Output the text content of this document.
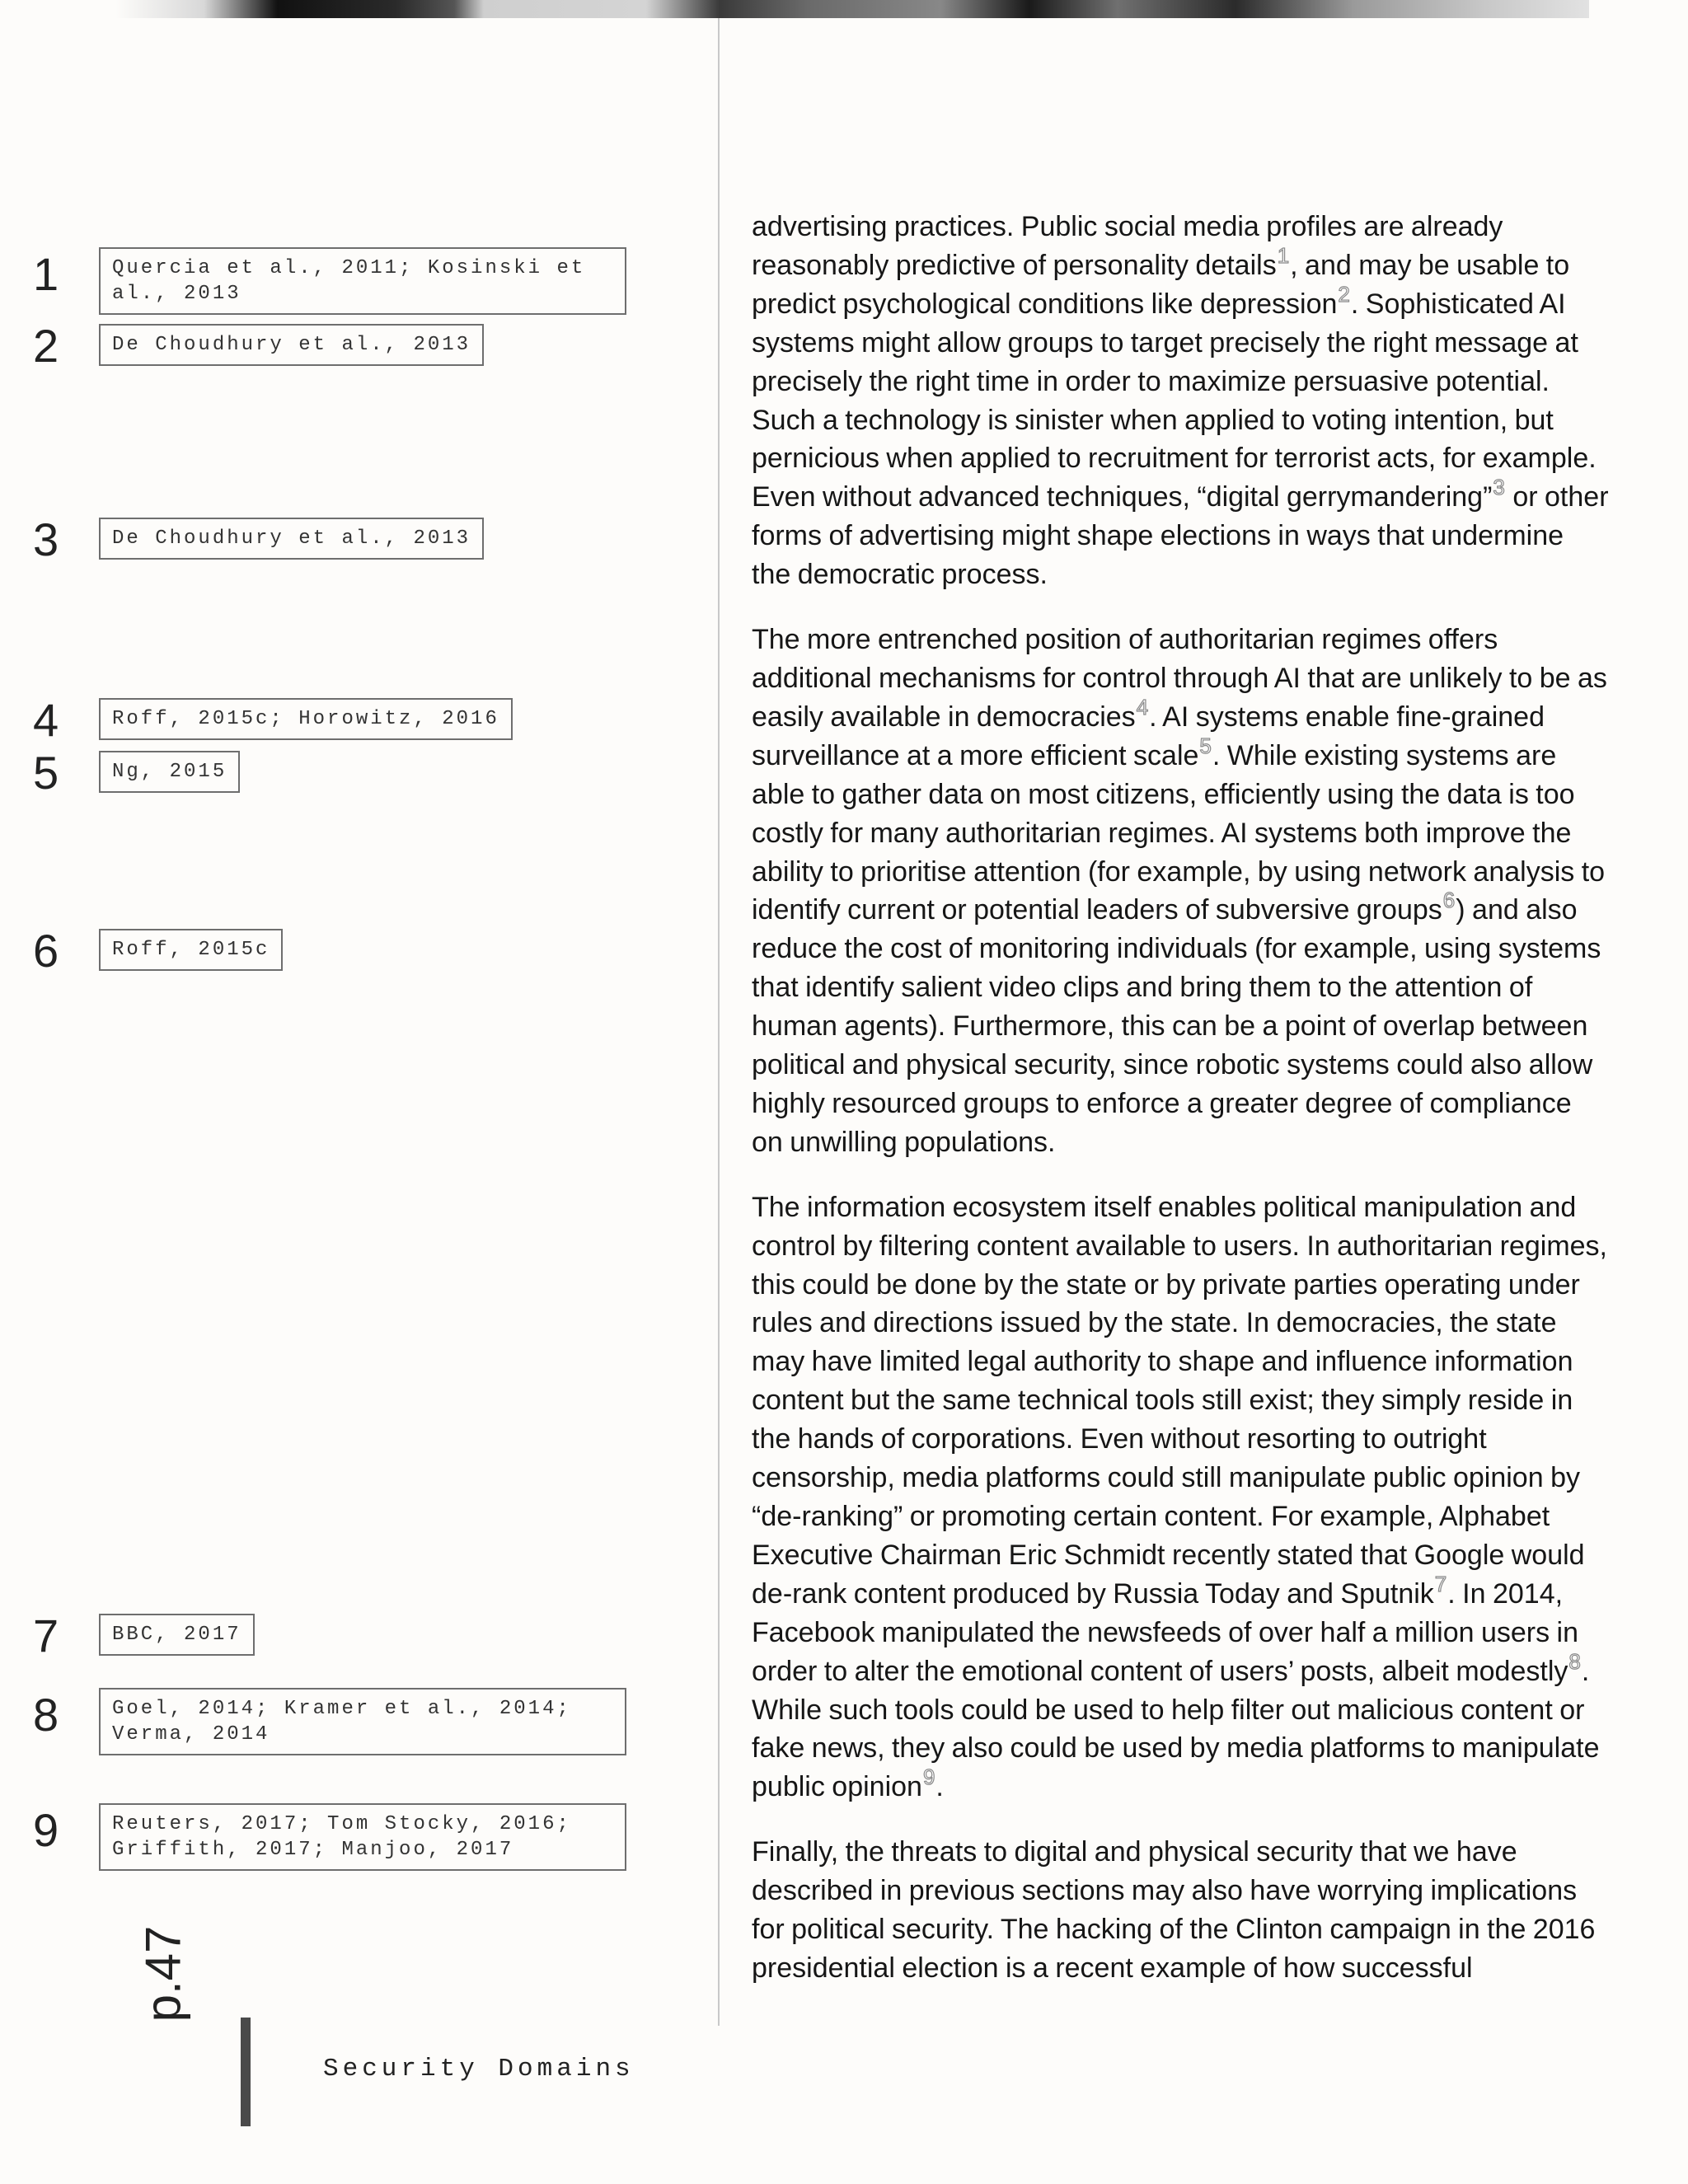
1	Quercia et al., 2011; Kosinski et al., 2013
2	De Choudhury et al., 2013
3	De Choudhury et al., 2013
4	Roff, 2015c; Horowitz, 2016
5	Ng, 2015
6	Roff, 2015c
7	BBC, 2017
8	Goel, 2014; Kramer et al., 2014; Verma, 2014
9	Reuters, 2017; Tom Stocky, 2016; Griffith, 2017; Manjoo, 2017
p.47
Security Domains

advertising practices. Public social media profiles are already reasonably predictive of personality details$^1$, and may be usable to predict psychological conditions like depression$^2$. Sophisticated AI systems might allow groups to target precisely the right message at precisely the right time in order to maximize persuasive potential. Such a technology is sinister when applied to voting intention, but pernicious when applied to recruitment for terrorist acts, for example. Even without advanced techniques, “digital gerrymandering”$^3$ or other forms of advertising might shape elections in ways that undermine the democratic process.

The more entrenched position of authoritarian regimes offers additional mechanisms for control through AI that are unlikely to be as easily available in democracies$^4$. AI systems enable fine-grained surveillance at a more efficient scale$^5$. While existing systems are able to gather data on most citizens, efficiently using the data is too costly for many authoritarian regimes. AI systems both improve the ability to prioritise attention (for example, by using network analysis to identify current or potential leaders of subversive groups$^6$) and also reduce the cost of monitoring individuals (for example, using systems that identify salient video clips and bring them to the attention of human agents). Furthermore, this can be a point of overlap between political and physical security, since robotic systems could also allow highly resourced groups to enforce a greater degree of compliance on unwilling populations.

The information ecosystem itself enables political manipulation and control by filtering content available to users. In authoritarian regimes, this could be done by the state or by private parties operating under rules and directions issued by the state. In democracies, the state may have limited legal authority to shape and influence information content but the same technical tools still exist; they simply reside in the hands of corporations. Even without resorting to outright censorship, media platforms could still manipulate public opinion by “de-ranking” or promoting certain content. For example, Alphabet Executive Chairman Eric Schmidt recently stated that Google would de-rank content produced by Russia Today and Sputnik$^7$. In 2014, Facebook manipulated the newsfeeds of over half a million users in order to alter the emotional content of users’ posts, albeit modestly$^8$. While such tools could be used to help filter out malicious content or fake news, they also could be used by media platforms to manipulate public opinion$^9$.

Finally, the threats to digital and physical security that we have described in previous sections may also have worrying implications for political security. The hacking of the Clinton campaign in the 2016 presidential election is a recent example of how successful
